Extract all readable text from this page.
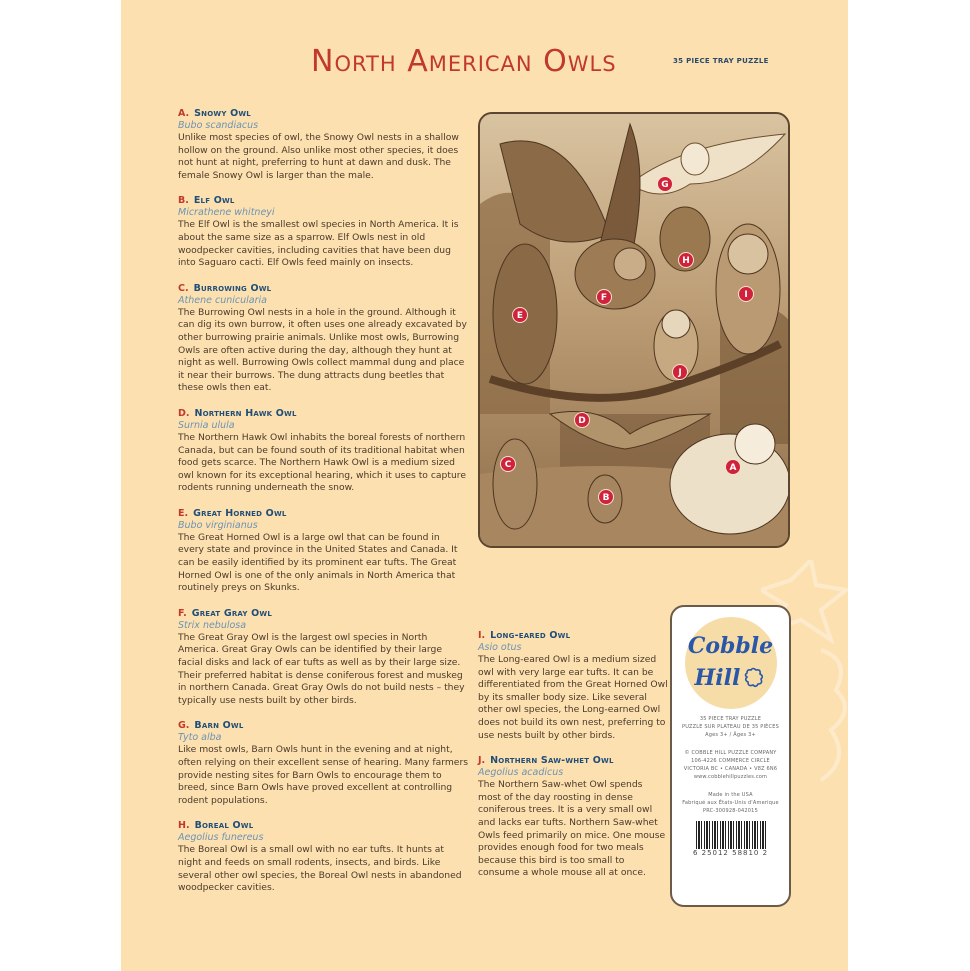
North American Owls	35 PIECE TRAY PUZZLE
A. Snowy Owl
Bubo scandiacus
Unlike most species of owl, the Snowy Owl nests in a shallow hollow on the ground. Also unlike most other species, it does not hunt at night, preferring to hunt at dawn and dusk. The female Snowy Owl is larger than the male.
B. Elf Owl
Micrathene whitneyi
The Elf Owl is the smallest owl species in North America. It is about the same size as a sparrow. Elf Owls nest in old woodpecker cavities, including cavities that have been dug into Saguaro cacti. Elf Owls feed mainly on insects.
C. Burrowing Owl
Athene cunicularia
The Burrowing Owl nests in a hole in the ground. Although it can dig its own burrow, it often uses one already excavated by other burrowing prairie animals. Unlike most owls, Burrowing Owls are often active during the day, although they hunt at night as well. Burrowing Owls collect mammal dung and place it near their burrows. The dung attracts dung beetles that these owls then eat.
D. Northern Hawk Owl
Surnia ulula
The Northern Hawk Owl inhabits the boreal forests of northern Canada, but can be found south of its traditional habitat when food gets scarce. The Northern Hawk Owl is a medium sized owl known for its exceptional hearing, which it uses to capture rodents running underneath the snow.
E. Great Horned Owl
Bubo virginianus
The Great Horned Owl is a large owl that can be found in every state and province in the United States and Canada. It can be easily identified by its prominent ear tufts. The Great Horned Owl is one of the only animals in North America that routinely preys on Skunks.
F. Great Gray Owl
Strix nebulosa
The Great Gray Owl is the largest owl species in North America. Great Gray Owls can be identified by their large facial disks and lack of ear tufts as well as by their large size. Their preferred habitat is dense coniferous forest and muskeg in northern Canada. Great Gray Owls do not build nests – they typically use nests built by other birds.
G. Barn Owl
Tyto alba
Like most owls, Barn Owls hunt in the evening and at night, often relying on their excellent sense of hearing. Many farmers provide nesting sites for Barn Owls to encourage them to breed, since Barn Owls have proved excellent at controlling rodent populations.
H. Boreal Owl
Aegolius funereus
The Boreal Owl is a small owl with no ear tufts. It hunts at night and feeds on small rodents, insects, and birds. Like several other owl species, the Boreal Owl nests in abandoned woodpecker cavities.
A
B
C
D
E
F
G
H
I
J
I. Long-eared Owl
Asio otus
The Long-eared Owl is a medium sized owl with very large ear tufts. It can be differentiated from the Great Horned Owl by its smaller body size. Like several other owl species, the Long-earned Owl does not build its own nest, preferring to use nests built by other birds.
J. Northern Saw-whet Owl
Aegolius acadicus
The Northern Saw-whet Owl spends most of the day roosting in dense coniferous trees. It is a very small owl and lacks ear tufts. Northern Saw-whet Owls feed primarily on mice. One mouse provides enough food for two meals because this bird is too small to consume a whole mouse all at once.
Cobble
Hill
35 PIECE TRAY PUZZLE
PUZZLE SUR PLATEAU DE 35 PIÈCES
Ages 3+ / Âges 3+
© COBBLE HILL PUZZLE COMPANY
106-4226 COMMERCE CIRCLE
VICTORIA BC • CANADA • V8Z 6N6
www.cobblehillpuzzles.com
Made in the USA
Fabriqué aux États-Unis d'Amerique
PRC-300928-042015
6 25012 58810 2
